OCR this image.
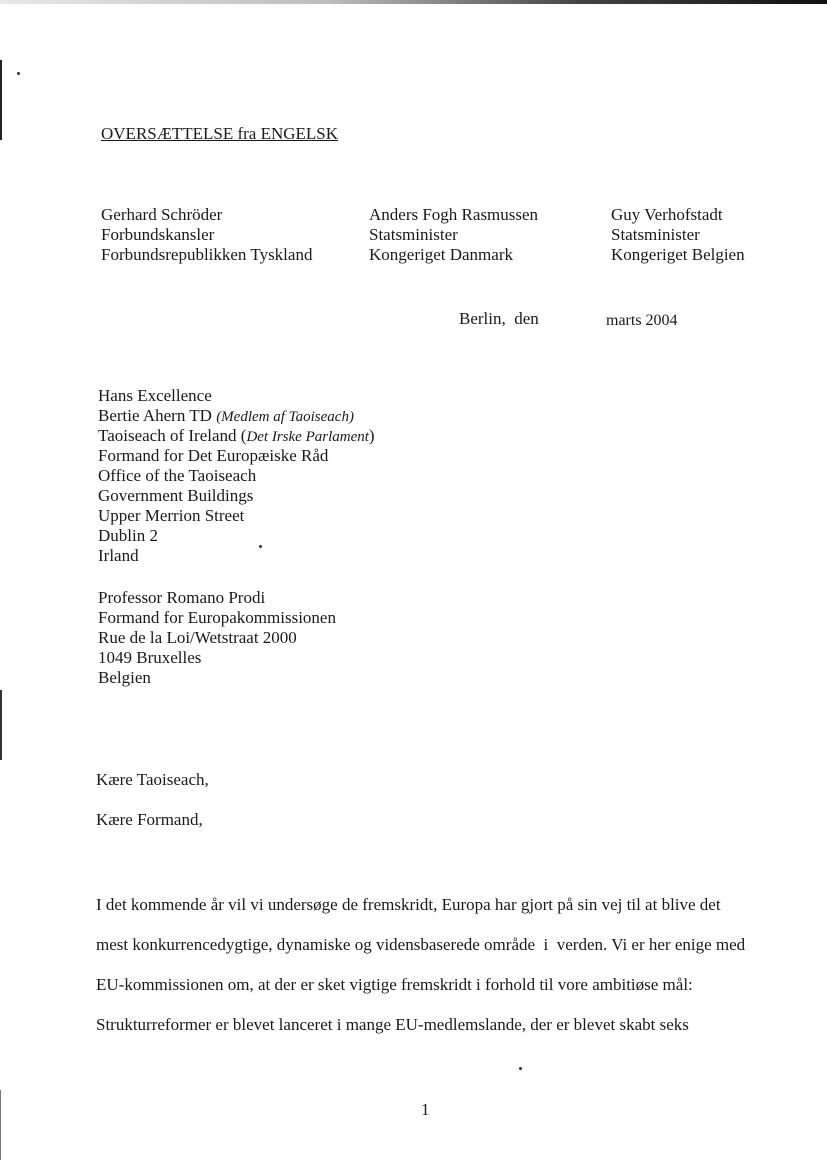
OVERSÆTTELSE fra ENGELSK
Gerhard Schröder
Forbundskansler
Forbundsrepublikken Tyskland
Anders Fogh Rasmussen
Statsminister
Kongeriget Danmark
Guy Verhofstadt
Statsminister
Kongeriget Belgien
Berlin,  den	marts 2004
Hans Excellence
Bertie Ahern TD (Medlem af Taoiseach)
Taoiseach of Ireland (Det Irske Parlament)
Formand for Det Europæiske Råd
Office of the Taoiseach
Government Buildings
Upper Merrion Street
Dublin 2
Irland
Professor Romano Prodi
Formand for Europakommissionen
Rue de la Loi/Wetstraat 2000
1049 Bruxelles
Belgien
Kære Taoiseach,
Kære Formand,
I det kommende år vil vi undersøge de fremskridt, Europa har gjort på sin vej til at blive det
mest konkurrencedygtige, dynamiske og vidensbaserede område  i  verden. Vi er her enige med
EU-kommissionen om, at der er sket vigtige fremskridt i forhold til vore ambitiøse mål:
Strukturreformer er blevet lanceret i mange EU-medlemslande, der er blevet skabt seks
1
